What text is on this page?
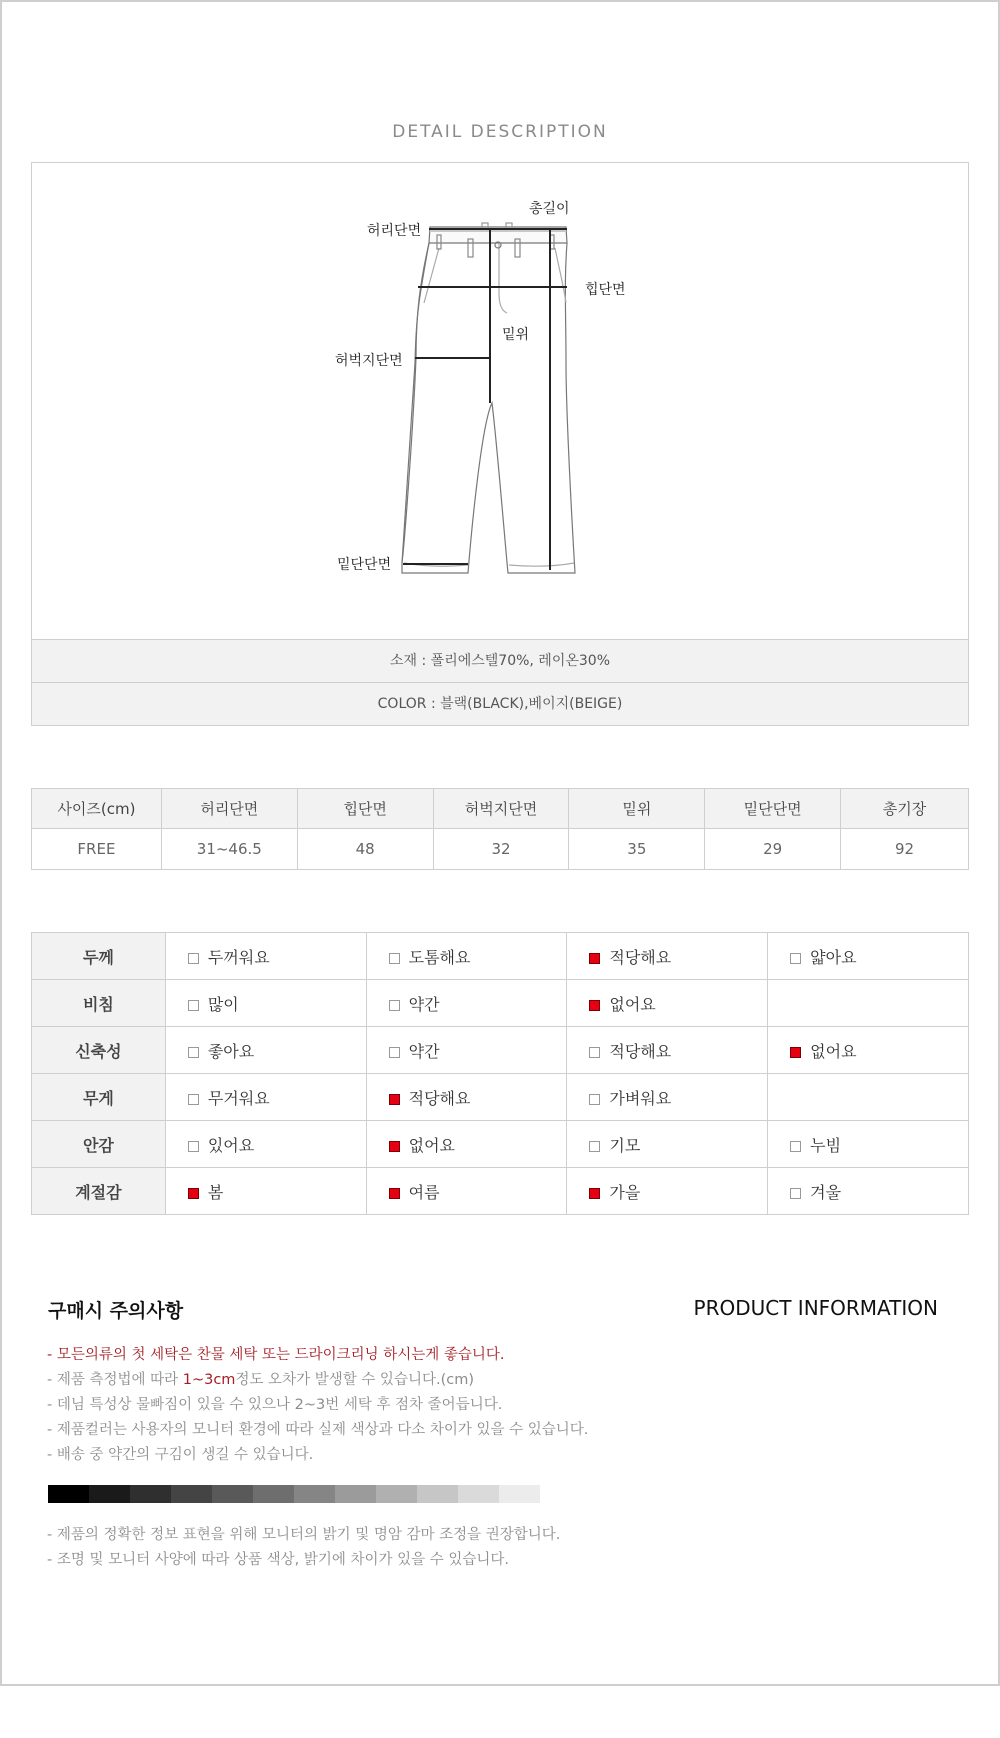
DETAIL DESCRIPTION
허리단면
총길이
힙단면
밑위
허벅지단면
밑단단면
소재 : 폴리에스텔70%, 레이온30%
COLOR : 블랙(BLACK),베이지(BEIGE)
사이즈(cm)	허리단면	힙단면	허벅지단면	밑위	밑단단면	총기장
FREE	31~46.5	48	32	35	29	92
두께	두꺼워요	도톰해요	적당해요	얇아요
비침	많이	약간	없어요	
신축성	좋아요	약간	적당해요	없어요
무게	무거워요	적당해요	가벼워요	
안감	있어요	없어요	기모	누빔
계절감	봄	여름	가을	겨울
구매시 주의사항	PRODUCT INFORMATION
- 모든의류의 첫 세탁은 찬물 세탁 또는 드라이크리닝 하시는게 좋습니다.
- 제품 측정법에 따라 1~3cm정도 오차가 발생할 수 있습니다.(cm)
- 데님 특성상 물빠짐이 있을 수 있으나 2~3번 세탁 후 점차 줄어듭니다.
- 제품컬러는 사용자의 모니터 환경에 따라 실제 색상과 다소 차이가 있을 수 있습니다.
- 배송 중 약간의 구김이 생길 수 있습니다.
- 제품의 정확한 정보 표현을 위해 모니터의 밝기 및 명암 감마 조정을 권장합니다.
- 조명 및 모니터 사양에 따라 상품 색상, 밝기에 차이가 있을 수 있습니다.
